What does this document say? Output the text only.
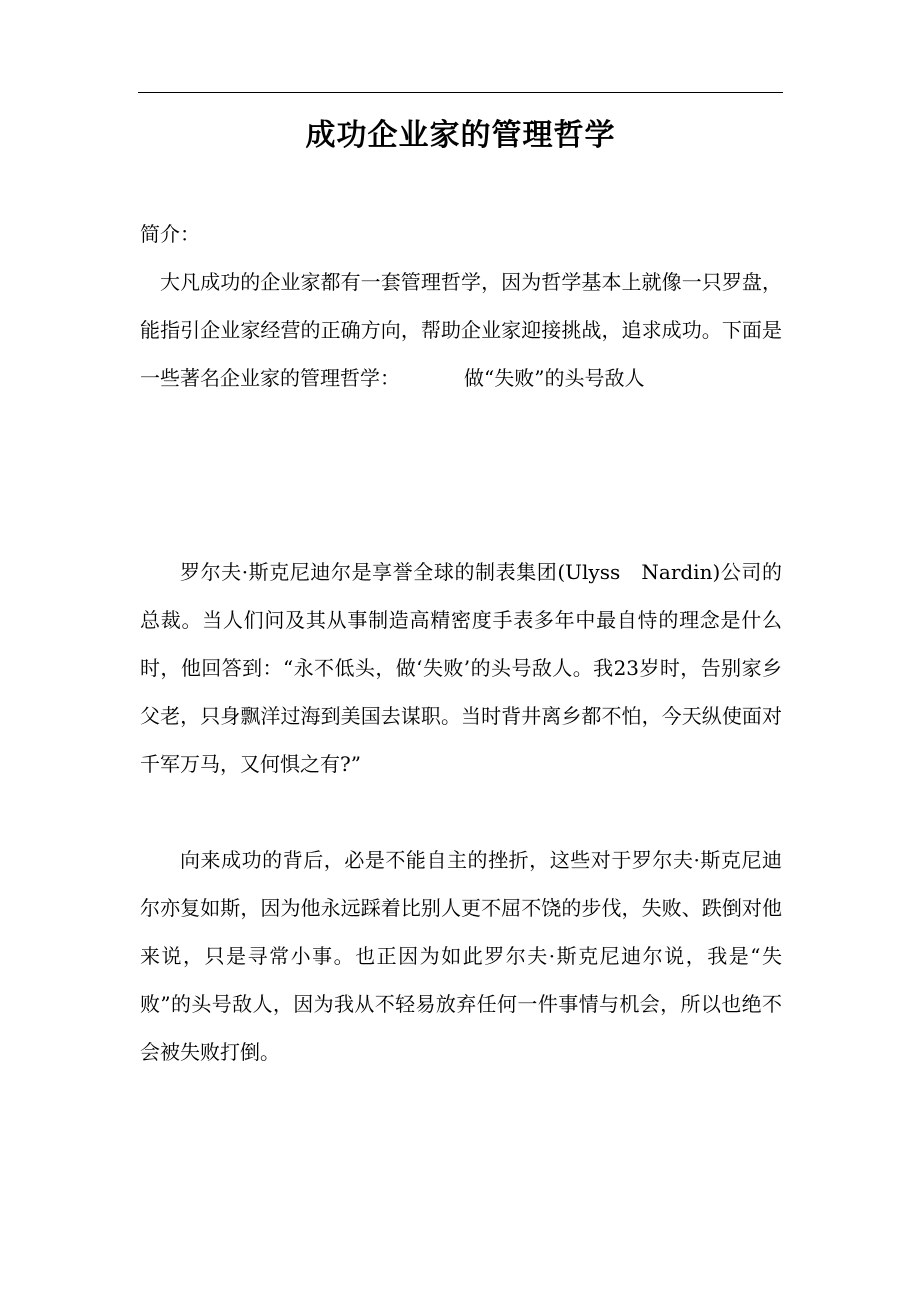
成功企业家的管理哲学

简介：

大凡成功的企业家都有一套管理哲学，因为哲学基本上就像一只罗盘，能指引企业家经营的正确方向，帮助企业家迎接挑战，追求成功。下面是一些著名企业家的管理哲学：	做“失败”的头号敌人

罗尔夫·斯克尼迪尔是享誉全球的制表集团(Ulyss　Nardin)公司的总裁。当人们问及其从事制造高精密度手表多年中最自恃的理念是什么时，他回答到：“永不低头，做‘失败’的头号敌人。我23岁时，告别家乡父老，只身飘洋过海到美国去谋职。当时背井离乡都不怕，今天纵使面对千军万马，又何惧之有?”

向来成功的背后，必是不能自主的挫折，这些对于罗尔夫·斯克尼迪尔亦复如斯，因为他永远踩着比别人更不屈不饶的步伐，失败、跌倒对他来说，只是寻常小事。也正因为如此罗尔夫·斯克尼迪尔说，我是“失败”的头号敌人，因为我从不轻易放弃任何一件事情与机会，所以也绝不会被失败打倒。
